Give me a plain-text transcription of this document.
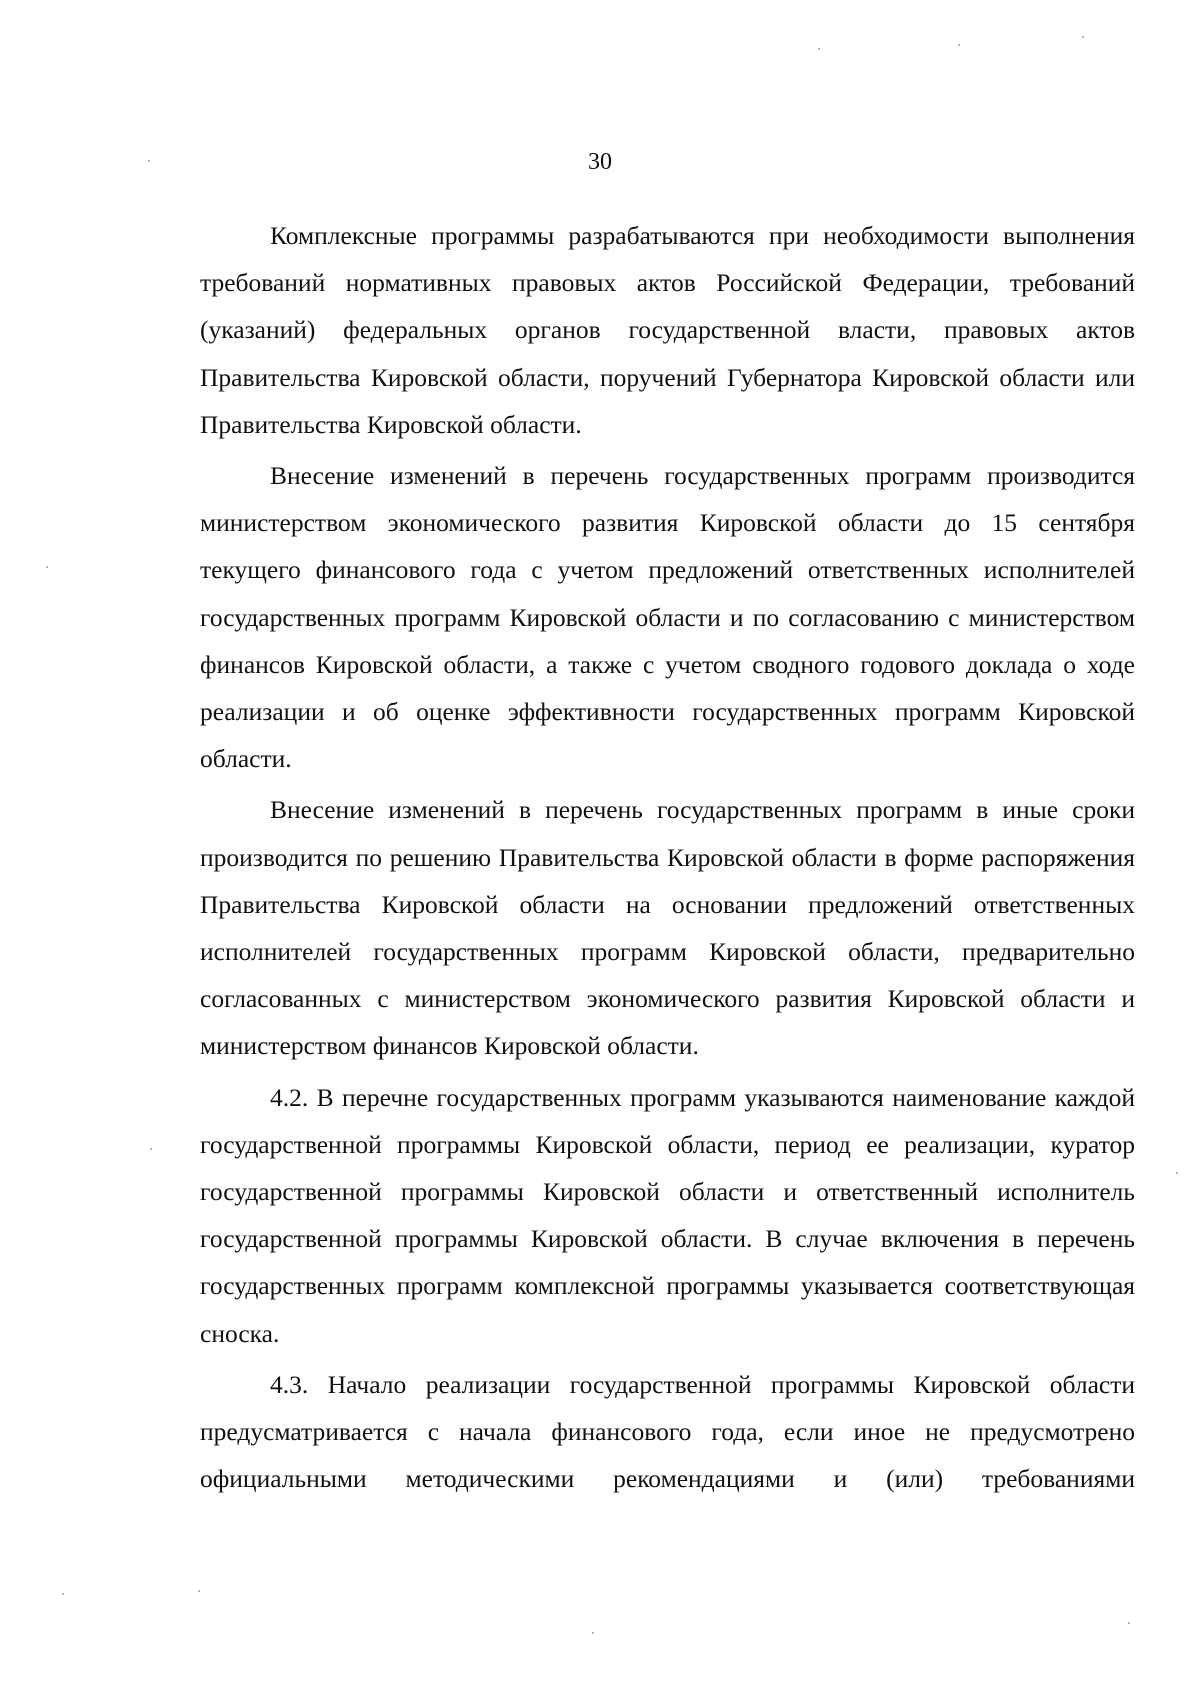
30

Комплексные программы разрабатываются при необходимости выполнения требований нормативных правовых актов Российской Федерации, требований (указаний) федеральных органов государственной власти, правовых актов Правительства Кировской области, поручений Губернатора Кировской области или Правительства Кировской области.

Внесение изменений в перечень государственных программ производится министерством экономического развития Кировской области до 15 сентября текущего финансового года с учетом предложений ответственных исполнителей государственных программ Кировской области и по согласованию с министерством финансов Кировской области, а также с учетом сводного годового доклада о ходе реализации и об оценке эффективности государственных программ Кировской области.

Внесение изменений в перечень государственных программ в иные сроки производится по решению Правительства Кировской области в форме распоряжения Правительства Кировской области на основании предложений ответственных исполнителей государственных программ Кировской области, предварительно согласованных с министерством экономического развития Кировской области и министерством финансов Кировской области.

4.2. В перечне государственных программ указываются наименование каждой государственной программы Кировской области, период ее реализации, куратор государственной программы Кировской области и ответственный исполнитель государственной программы Кировской области. В случае включения в перечень государственных программ комплексной программы указывается соответствующая сноска.

4.3. Начало реализации государственной программы Кировской области предусматривается с начала финансового года, если иное не предусмотрено официальными методическими рекомендациями и (или) требованиями
